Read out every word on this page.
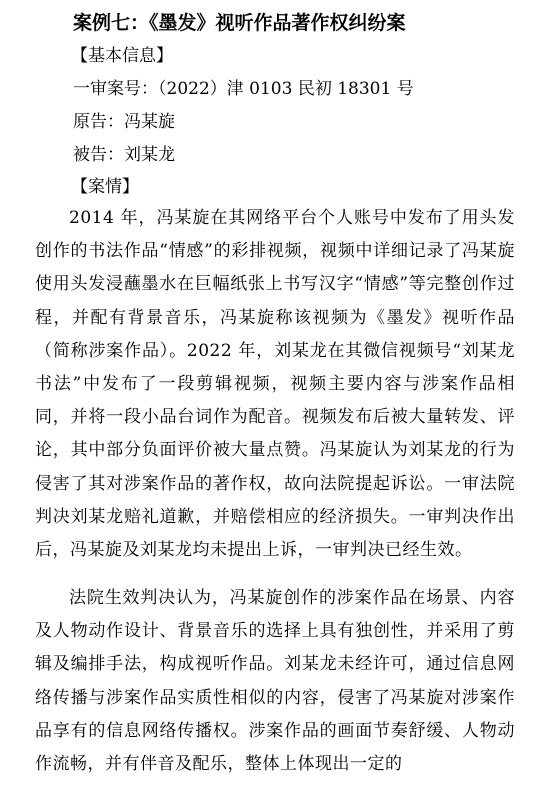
案例七：《墨发》视听作品著作权纠纷案
【基本信息】
一审案号：（2022）津 0103 民初 18301 号
原告：冯某旋
被告：刘某龙
【案情】
2014 年，冯某旋在其网络平台个人账号中发布了用头发创作的书法作品“情感”的彩排视频，视频中详细记录了冯某旋使用头发浸蘸墨水在巨幅纸张上书写汉字“情感”等完整创作过程，并配有背景音乐，冯某旋称该视频为《墨发》视听作品（简称涉案作品）。2022 年，刘某龙在其微信视频号“刘某龙书法”中发布了一段剪辑视频，视频主要内容与涉案作品相同，并将一段小品台词作为配音。视频发布后被大量转发、评论，其中部分负面评价被大量点赞。冯某旋认为刘某龙的行为侵害了其对涉案作品的著作权，故向法院提起诉讼。一审法院判决刘某龙赔礼道歉，并赔偿相应的经济损失。一审判决作出后，冯某旋及刘某龙均未提出上诉，一审判决已经生效。
法院生效判决认为，冯某旋创作的涉案作品在场景、内容及人物动作设计、背景音乐的选择上具有独创性，并采用了剪辑及编排手法，构成视听作品。刘某龙未经许可，通过信息网络传播与涉案作品实质性相似的内容，侵害了冯某旋对涉案作品享有的信息网络传播权。涉案作品的画面节奏舒缓、人物动作流畅，并有伴音及配乐，整体上体现出一定的
